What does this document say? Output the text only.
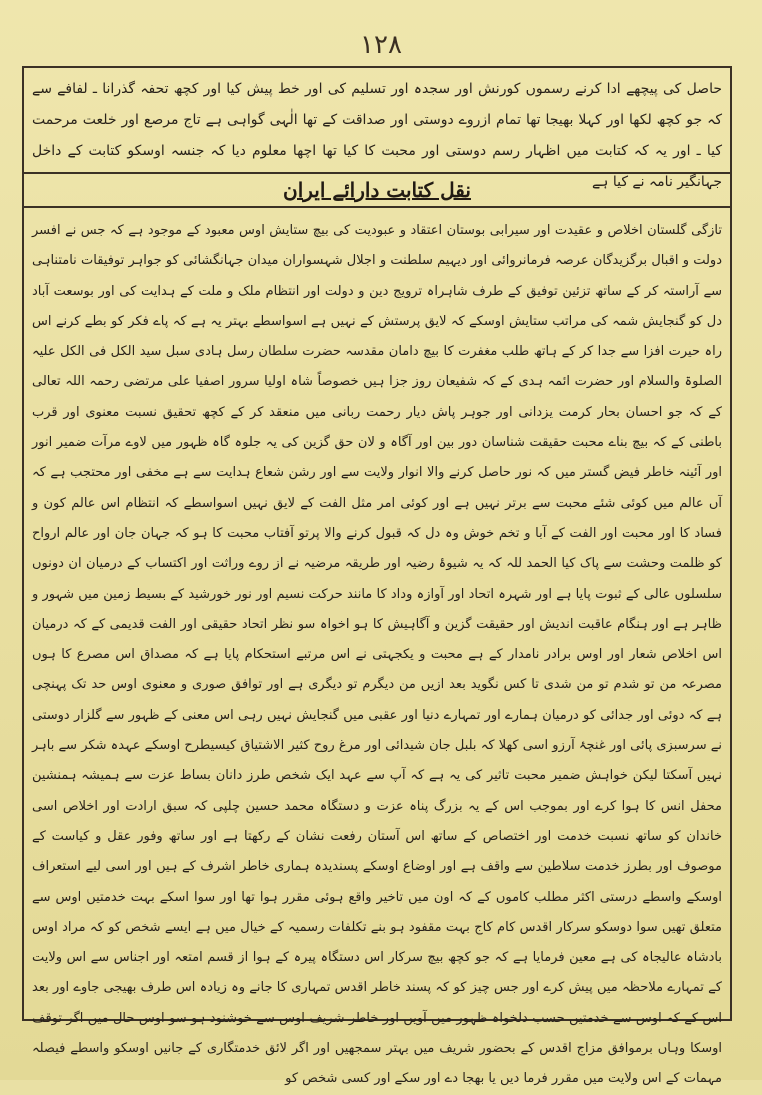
۱۲۸

حاصل کی پیچھے ادا کرنے رسموں کورنش اور سجدہ اور تسلیم کی اور خط پیش کیا اور کچھ تحفہ گذرانا ـ لفافے سے کہ جو کچھ لکھا اور کہلا بھیجا تھا تمام ازروے دوستی اور صداقت کے تھا الٰہی گواہی ہے تاج مرصع اور خلعت مرحمت کیا ـ اور یہ کہ کتابت میں اظہار رسم دوستی اور محبت کا کیا تھا اچھا معلوم دیا کہ جنسہ اوسکو کتابت کے داخل جہانگیر نامہ نے کیا ہے

نقل کتابت دارائے ایران

تازگی گلستان اخلاص و عقیدت اور سیرابی بوستان اعتقاد و عبودیت کی بیچ ستایش اوس معبود کے موجود ہے کہ جس نے افسر دولت و اقبال برگزیدگان عرصہ فرمانروائی اور دیہیم سلطنت و اجلال شہسواران میدان جہانگشائی کو جواہر توفیقات نامتناہی سے آراستہ کر کے ساتھ تزئین توفیق کے طرف شاہراہ ترویج دین و دولت اور انتظام ملک و ملت کے ہدایت کی اور بوسعت آباد دل کو گنجایش شمہ کی مراتب ستایش اوسکے کہ لایق پرستش کے نہیں ہے اسواسطے بہتر یہ ہے کہ پاے فکر کو بطے کرنے اس راہ حیرت افزا سے جدا کر کے ہاتھ طلب مغفرت کا بیچ دامان مقدسہ حضرت سلطان رسل ہادی سبل سید الکل فی الکل علیہ الصلوۃ والسلام اور حضرت ائمہ ہدی کے کہ شفیعان روز جزا ہیں خصوصاً شاہ اولیا سرور اصفیا علی مرتضی رحمہ اللہ تعالی کے کہ جو احسان بحار کرمت یزدانی اور جوہر پاش دیار رحمت ربانی میں منعقد کر کے کچھ تحقیق نسبت معنوی اور قرب باطنی کے کہ بیچ بناے محبت حقیقت شناسان دور بین اور آگاہ و لان حق گزین کی یہ جلوہ گاہ ظہور میں لاوے مرآت ضمیر انور اور آئینہ خاطر فیض گستر میں کہ نور حاصل کرنے والا انوار ولایت سے اور رشن شعاع ہدایت سے ہے مخفی اور محتجب ہے کہ آں عالم میں کوئی شئے محبت سے برتر نہیں ہے اور کوئی امر مثل الفت کے لایق نہیں اسواسطے کہ انتظام اس عالم کون و فساد کا اور محبت اور الفت کے آبا و تخم خوش وہ دل کہ قبول کرنے والا پرتو آفتاب محبت کا ہو کہ جہان جان اور عالم ارواح کو ظلمت وحشت سے پاک کیا الحمد للہ کہ یہ شیوۂ رضیہ اور طریقہ مرضیہ نے از روے وراثت اور اکتساب کے درمیان ان دونوں سلسلوں عالی کے ثبوت پایا ہے اور شہرہ اتحاد اور آوازہ وداد کا مانند حرکت نسیم اور نور خورشید کے بسیط زمین میں شہور و ظاہر ہے اور ہنگام عاقبت اندیش اور حقیقت گزین و آگاہیش کا ہو اخواہ سو نظر اتحاد حقیقی اور الفت قدیمی کے کہ درمیان اس اخلاص شعار اور اوس برادر نامدار کے ہے محبت و یکجہتی نے اس مرتبے استحکام پایا ہے کہ مصداق اس مصرع کا ہوں مصرعہ من تو شدم تو من شدی تا کس نگوید بعد ازیں من دیگرم تو دیگری ہے اور توافق صوری و معنوی اوس حد تک پہنچی ہے کہ دوئی اور جدائی کو درمیان ہمارے اور تمہارے دنیا اور عقبی میں گنجایش نہیں رہی اس معنی کے ظہور سے گلزار دوستی نے سرسبزی پائی اور غنچۂ آرزو اسی کھلا کہ بلبل جان شیدائی اور مرغ روح کثیر الاشتیاق کیسیطرح اوسکے عہدہ شکر سے باہر نہیں آسکتا لیکن خواہش ضمیر محبت تاثیر کی یہ ہے کہ آپ سے عہد ایک شخص طرز دانان بساط عزت سے ہمیشہ ہمنشین محفل انس کا ہوا کرے اور بموجب اس کے یہ بزرگ پناہ عزت و دستگاہ محمد حسین چلپی کہ سبق ارادت اور اخلاص اسی خاندان کو ساتھ نسبت خدمت اور اختصاص کے ساتھ اس آستان رفعت نشان کے رکھتا ہے اور ساتھ وفور عقل و کیاست کے موصوف اور بطرز خدمت سلاطین سے واقف ہے اور اوضاع اوسکے پسندیدہ ہماری خاطر اشرف کے ہیں اور اسی لیے استعراف اوسکے واسطے درستی اکثر مطلب کاموں کے کہ اون میں تاخیر واقع ہوئی مقرر ہوا تھا اور سوا اسکے بہت خدمتیں اوس سے متعلق تھیں سوا دوسکو سرکار اقدس کام کاج بہت مقفود ہو بنے تکلفات رسمیہ کے خیال میں ہے ایسے شخص کو کہ مراد اوس بادشاہ عالیجاہ کی ہے معین فرمایا ہے کہ جو کچھ بیچ سرکار اس دستگاہ پیرہ کے ہوا از قسم امتعہ اور اجناس سے اس ولایت کے تمہارے ملاحظہ میں پیش کرے اور جس چیز کو کہ پسند خاطر اقدس تمہاری کا جانے وہ زیادہ اس طرف بھیجی جاوے اور بعد اس کے کہ اوس سے خدمتیں حسب دلخواہ ظہور میں آویں اور خاطر شریف اوس سے خوشنود ہو سو اوس حال میں اگر توقف اوسکا وہاں برموافق مزاج اقدس کے بحضور شریف میں بہتر سمجھیں اور اگر لائق خدمتگاری کے جانیں اوسکو واسطے فیصلہ مہمات کے اس ولایت میں مقرر فرما دیں یا بھجا دے اور سکے اور کسی شخص کو
